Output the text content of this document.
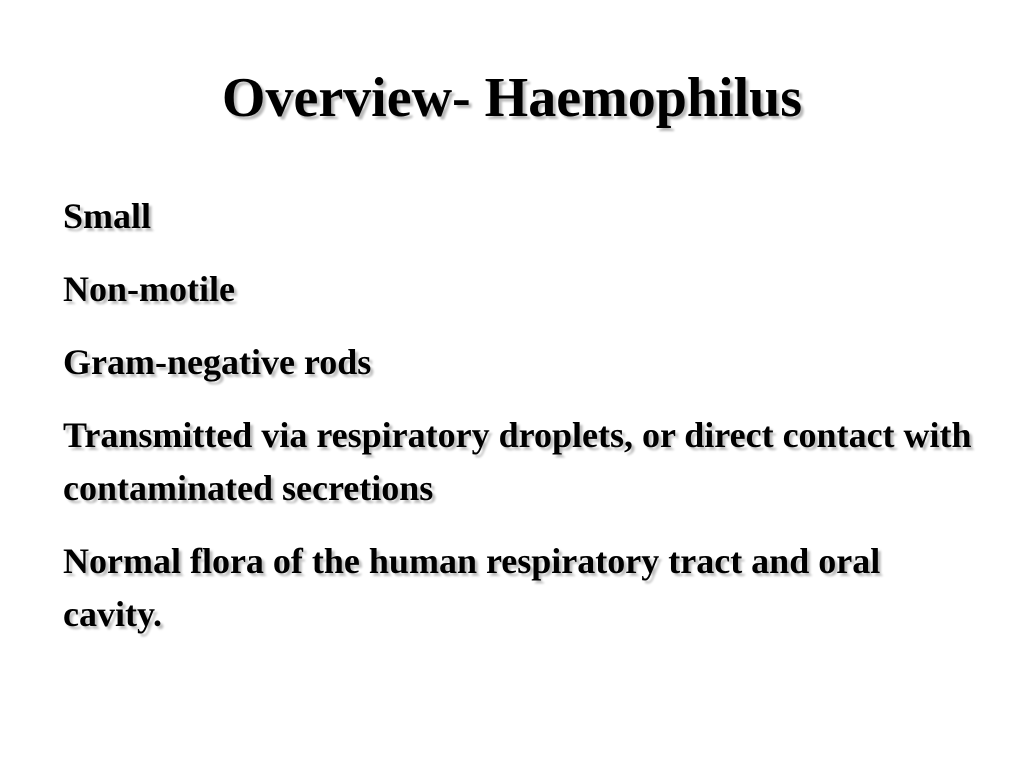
Overview- Haemophilus
Small
Non-motile
Gram-negative rods
Transmitted via respiratory droplets, or direct contact with contaminated secretions
Normal flora of the human respiratory tract and oral cavity.
